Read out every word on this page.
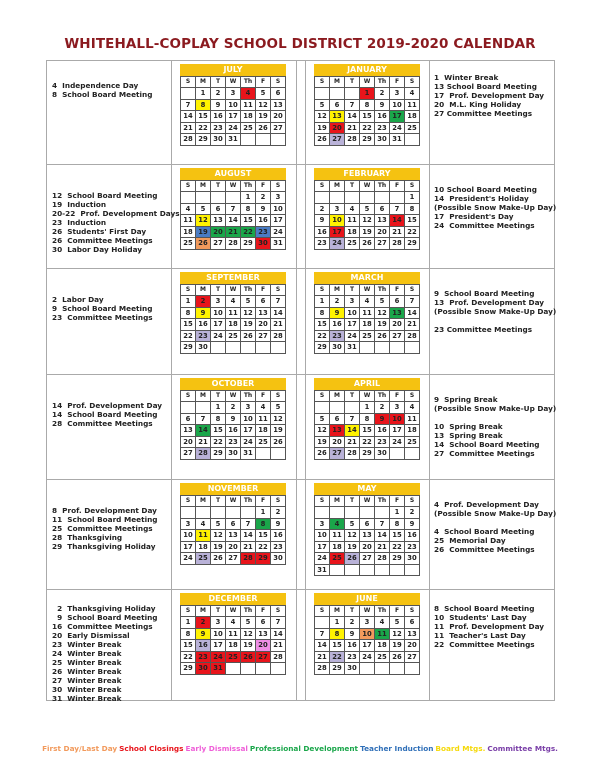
WHITEHALL-COPLAY SCHOOL DISTRICT 2019-2020 CALENDAR
4  Independence Day
8  School Board Meeting
1  Winter Break
13 School Board Meeting
17  Prof. Development Day
20  M.L. King Holiday
27 Committee Meetings
JULY
S	M	T	W	Th	F	S
	1	2	3	4	5	6
7	8	9	10	11	12	13
14	15	16	17	18	19	20
21	22	23	24	25	26	27
28	29	30	31			
JANUARY
S	M	T	W	Th	F	S
			1	2	3	4
5	6	7	8	9	10	11
12	13	14	15	16	17	18
19	20	21	22	23	24	25
26	27	28	29	30	31	
12  School Board Meeting
19  Induction
20-22  Prof. Development Days
23  Induction
26  Students' First Day
26  Committee Meetings
30  Labor Day Holiday
10 School Board Meeting
14  President's Holiday
(Possible Snow Make-Up Day)
17  President's Day
24  Committee Meetings
AUGUST
S	M	T	W	Th	F	S
				1	2	3
4	5	6	7	8	9	10
11	12	13	14	15	16	17
18	19	20	21	22	23	24
25	26	27	28	29	30	31
FEBRUARY
S	M	T	W	Th	F	S
						1
2	3	4	5	6	7	8
9	10	11	12	13	14	15
16	17	18	19	20	21	22
23	24	25	26	27	28	29
2  Labor Day
9  School Board Meeting
23  Committee Meetings
9  School Board Meeting
13  Prof. Development Day
(Possible Snow Make-Up Day)

23 Committee Meetings
SEPTEMBER
S	M	T	W	Th	F	S
1	2	3	4	5	6	7
8	9	10	11	12	13	14
15	16	17	18	19	20	21
22	23	24	25	26	27	28
29	30					
MARCH
S	M	T	W	Th	F	S
1	2	3	4	5	6	7
8	9	10	11	12	13	14
15	16	17	18	19	20	21
22	23	24	25	26	27	28
29	30	31				
14  Prof. Development Day
14  School Board Meeting
28  Committee Meetings
9  Spring Break
(Possible Snow Make-Up Day)

10  Spring Break
13  Spring Break
14  School Board Meeting
27  Committee Meetings
OCTOBER
S	M	T	W	Th	F	S
		1	2	3	4	5
6	7	8	9	10	11	12
13	14	15	16	17	18	19
20	21	22	23	24	25	26
27	28	29	30	31		
APRIL
S	M	T	W	Th	F	S
			1	2	3	4
5	6	7	8	9	10	11
12	13	14	15	16	17	18
19	20	21	22	23	24	25
26	27	28	29	30		
8  Prof. Development Day
11  School Board Meeting
25  Committee Meetings
28  Thanksgiving
29  Thanksgiving Holiday
4  Prof. Development Day
(Possible Snow Make-Up Day)

4  School Board Meeting
25  Memorial Day
26  Committee Meetings
NOVEMBER
S	M	T	W	Th	F	S
					1	2
3	4	5	6	7	8	9
10	11	12	13	14	15	16
17	18	19	20	21	22	23
24	25	26	27	28	29	30
MAY
S	M	T	W	Th	F	S
					1	2
3	4	5	6	7	8	9
10	11	12	13	14	15	16
17	18	19	20	21	22	23
24	25	26	27	28	29	30
31						
2  Thanksgiving Holiday
9  School Board Meeting
16  Committee Meetings
20  Early Dismissal
23  Winter Break
24  Winter Break
25  Winter Break
26  Winter Break
27  Winter Break
30  Winter Break
31  Winter Break
8  School Board Meeting
10  Students' Last Day
11  Prof. Development Day
11  Teacher's Last Day
22  Committee Meetings
DECEMBER
S	M	T	W	Th	F	S
1	2	3	4	5	6	7
8	9	10	11	12	13	14
15	16	17	18	19	20	21
22	23	24	25	26	27	28
29	30	31				
JUNE
S	M	T	W	Th	F	S
	1	2	3	4	5	6
7	8	9	10	11	12	13
14	15	16	17	18	19	20
21	22	23	24	25	26	27
28	29	30				
First Day/Last Day School Closings Early Dismissal Professional Development Teacher Induction Board Mtgs. Committee Mtgs.
